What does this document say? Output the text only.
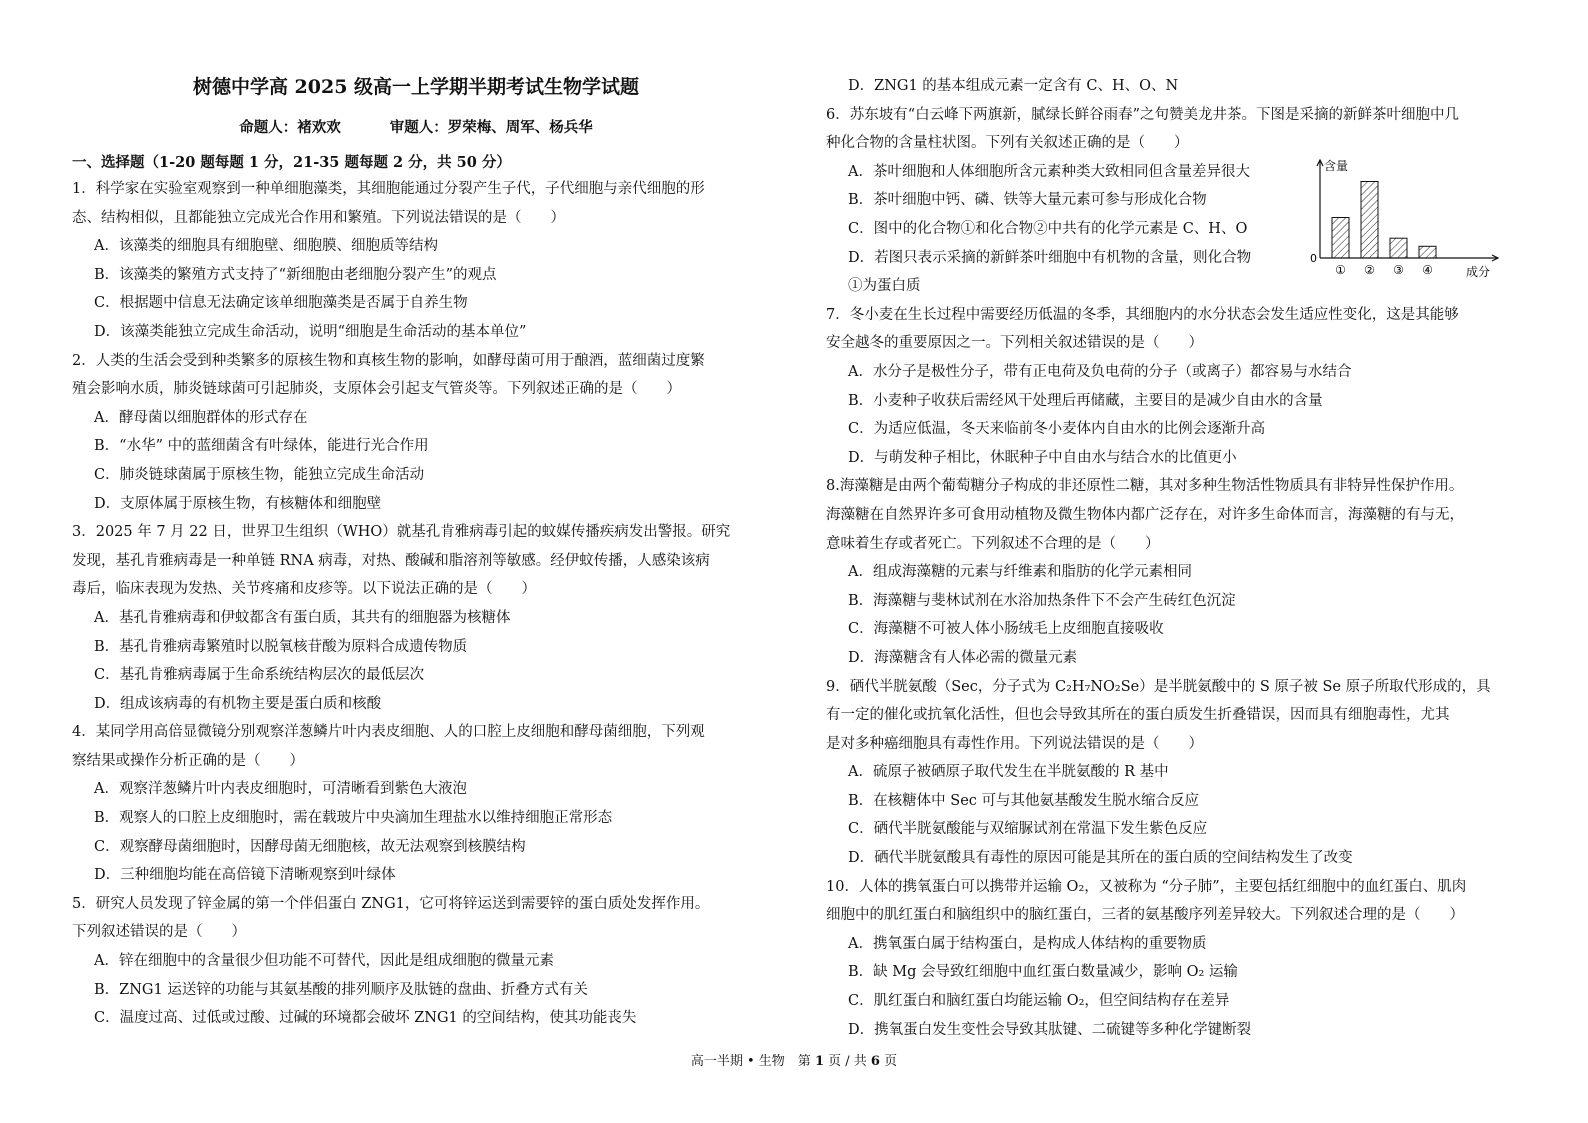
树德中学高 2025 级高一上学期半期考试生物学试题
命题人：褚欢欢	审题人：罗荣梅、周军、杨兵华
一、选择题（1-20 题每题 1 分，21-35 题每题 2 分，共 50 分）
1．科学家在实验室观察到一种单细胞藻类，其细胞能通过分裂产生子代，子代细胞与亲代细胞的形
态、结构相似，且都能独立完成光合作用和繁殖。下列说法错误的是（　　）
A．该藻类的细胞具有细胞壁、细胞膜、细胞质等结构
B．该藻类的繁殖方式支持了“新细胞由老细胞分裂产生”的观点
C．根据题中信息无法确定该单细胞藻类是否属于自养生物
D．该藻类能独立完成生命活动，说明“细胞是生命活动的基本单位”
2．人类的生活会受到种类繁多的原核生物和真核生物的影响，如酵母菌可用于酿酒，蓝细菌过度繁
殖会影响水质，肺炎链球菌可引起肺炎，支原体会引起支气管炎等。下列叙述正确的是（　　）
A．酵母菌以细胞群体的形式存在
B．“水华” 中的蓝细菌含有叶绿体，能进行光合作用
C．肺炎链球菌属于原核生物，能独立完成生命活动
D．支原体属于原核生物，有核糖体和细胞壁
3．2025 年 7 月 22 日，世界卫生组织（WHO）就基孔肯雅病毒引起的蚊媒传播疾病发出警报。研究
发现，基孔肯雅病毒是一种单链 RNA 病毒，对热、酸碱和脂溶剂等敏感。经伊蚊传播，人感染该病
毒后，临床表现为发热、关节疼痛和皮疹等。以下说法正确的是（　　）
A．基孔肯雅病毒和伊蚊都含有蛋白质，其共有的细胞器为核糖体
B．基孔肯雅病毒繁殖时以脱氧核苷酸为原料合成遗传物质
C．基孔肯雅病毒属于生命系统结构层次的最低层次
D．组成该病毒的有机物主要是蛋白质和核酸
4．某同学用高倍显微镜分别观察洋葱鳞片叶内表皮细胞、人的口腔上皮细胞和酵母菌细胞，下列观
察结果或操作分析正确的是（　　）
A．观察洋葱鳞片叶内表皮细胞时，可清晰看到紫色大液泡
B．观察人的口腔上皮细胞时，需在载玻片中央滴加生理盐水以维持细胞正常形态
C．观察酵母菌细胞时，因酵母菌无细胞核，故无法观察到核膜结构
D．三种细胞均能在高倍镜下清晰观察到叶绿体
5．研究人员发现了锌金属的第一个伴侣蛋白 ZNG1，它可将锌运送到需要锌的蛋白质处发挥作用。
下列叙述错误的是（　　）
A．锌在细胞中的含量很少但功能不可替代，因此是组成细胞的微量元素
B．ZNG1 运送锌的功能与其氨基酸的排列顺序及肽链的盘曲、折叠方式有关
C．温度过高、过低或过酸、过碱的环境都会破坏 ZNG1 的空间结构，使其功能丧失
D．ZNG1 的基本组成元素一定含有 C、H、O、N
6．苏东坡有“白云峰下两旗新，腻绿长鲜谷雨春”之句赞美龙井茶。下图是采摘的新鲜茶叶细胞中几
种化合物的含量柱状图。下列有关叙述正确的是（　　）
A．茶叶细胞和人体细胞所含元素种类大致相同但含量差异很大
B．茶叶细胞中钙、磷、铁等大量元素可参与形成化合物
C．图中的化合物①和化合物②中共有的化学元素是 C、H、O
D．若图只表示采摘的新鲜茶叶细胞中有机物的含量，则化合物
①为蛋白质
含量
成分
0
① ② ③ ④
7．冬小麦在生长过程中需要经历低温的冬季，其细胞内的水分状态会发生适应性变化，这是其能够
安全越冬的重要原因之一。下列相关叙述错误的是（　　）
A．水分子是极性分子，带有正电荷及负电荷的分子（或离子）都容易与水结合
B．小麦种子收获后需经风干处理后再储藏，主要目的是减少自由水的含量
C．为适应低温，冬天来临前冬小麦体内自由水的比例会逐渐升高
D．与萌发种子相比，休眠种子中自由水与结合水的比值更小
8.海藻糖是由两个葡萄糖分子构成的非还原性二糖，其对多种生物活性物质具有非特异性保护作用。
海藻糖在自然界许多可食用动植物及微生物体内都广泛存在，对许多生命体而言，海藻糖的有与无，
意味着生存或者死亡。下列叙述不合理的是（　　）
A．组成海藻糖的元素与纤维素和脂肪的化学元素相同
B．海藻糖与斐林试剂在水浴加热条件下不会产生砖红色沉淀
C．海藻糖不可被人体小肠绒毛上皮细胞直接吸收
D．海藻糖含有人体必需的微量元素
9．硒代半胱氨酸（Sec，分子式为 C₂H₇NO₂Se）是半胱氨酸中的 S 原子被 Se 原子所取代形成的，具
有一定的催化或抗氧化活性，但也会导致其所在的蛋白质发生折叠错误，因而具有细胞毒性，尤其
是对多种癌细胞具有毒性作用。下列说法错误的是（　　）
A．硫原子被硒原子取代发生在半胱氨酸的 R 基中
B．在核糖体中 Sec 可与其他氨基酸发生脱水缩合反应
C．硒代半胱氨酸能与双缩脲试剂在常温下发生紫色反应
D．硒代半胱氨酸具有毒性的原因可能是其所在的蛋白质的空间结构发生了改变
10．人体的携氧蛋白可以携带并运输 O₂，又被称为 “分子肺”，主要包括红细胞中的血红蛋白、肌肉
细胞中的肌红蛋白和脑组织中的脑红蛋白，三者的氨基酸序列差异较大。下列叙述合理的是（　　）
A．携氧蛋白属于结构蛋白，是构成人体结构的重要物质
B．缺 Mg 会导致红细胞中血红蛋白数量减少，影响 O₂ 运输
C．肌红蛋白和脑红蛋白均能运输 O₂，但空间结构存在差异
D．携氧蛋白发生变性会导致其肽键、二硫键等多种化学键断裂
高一半期 • 生物　第 1 页 / 共 6 页
